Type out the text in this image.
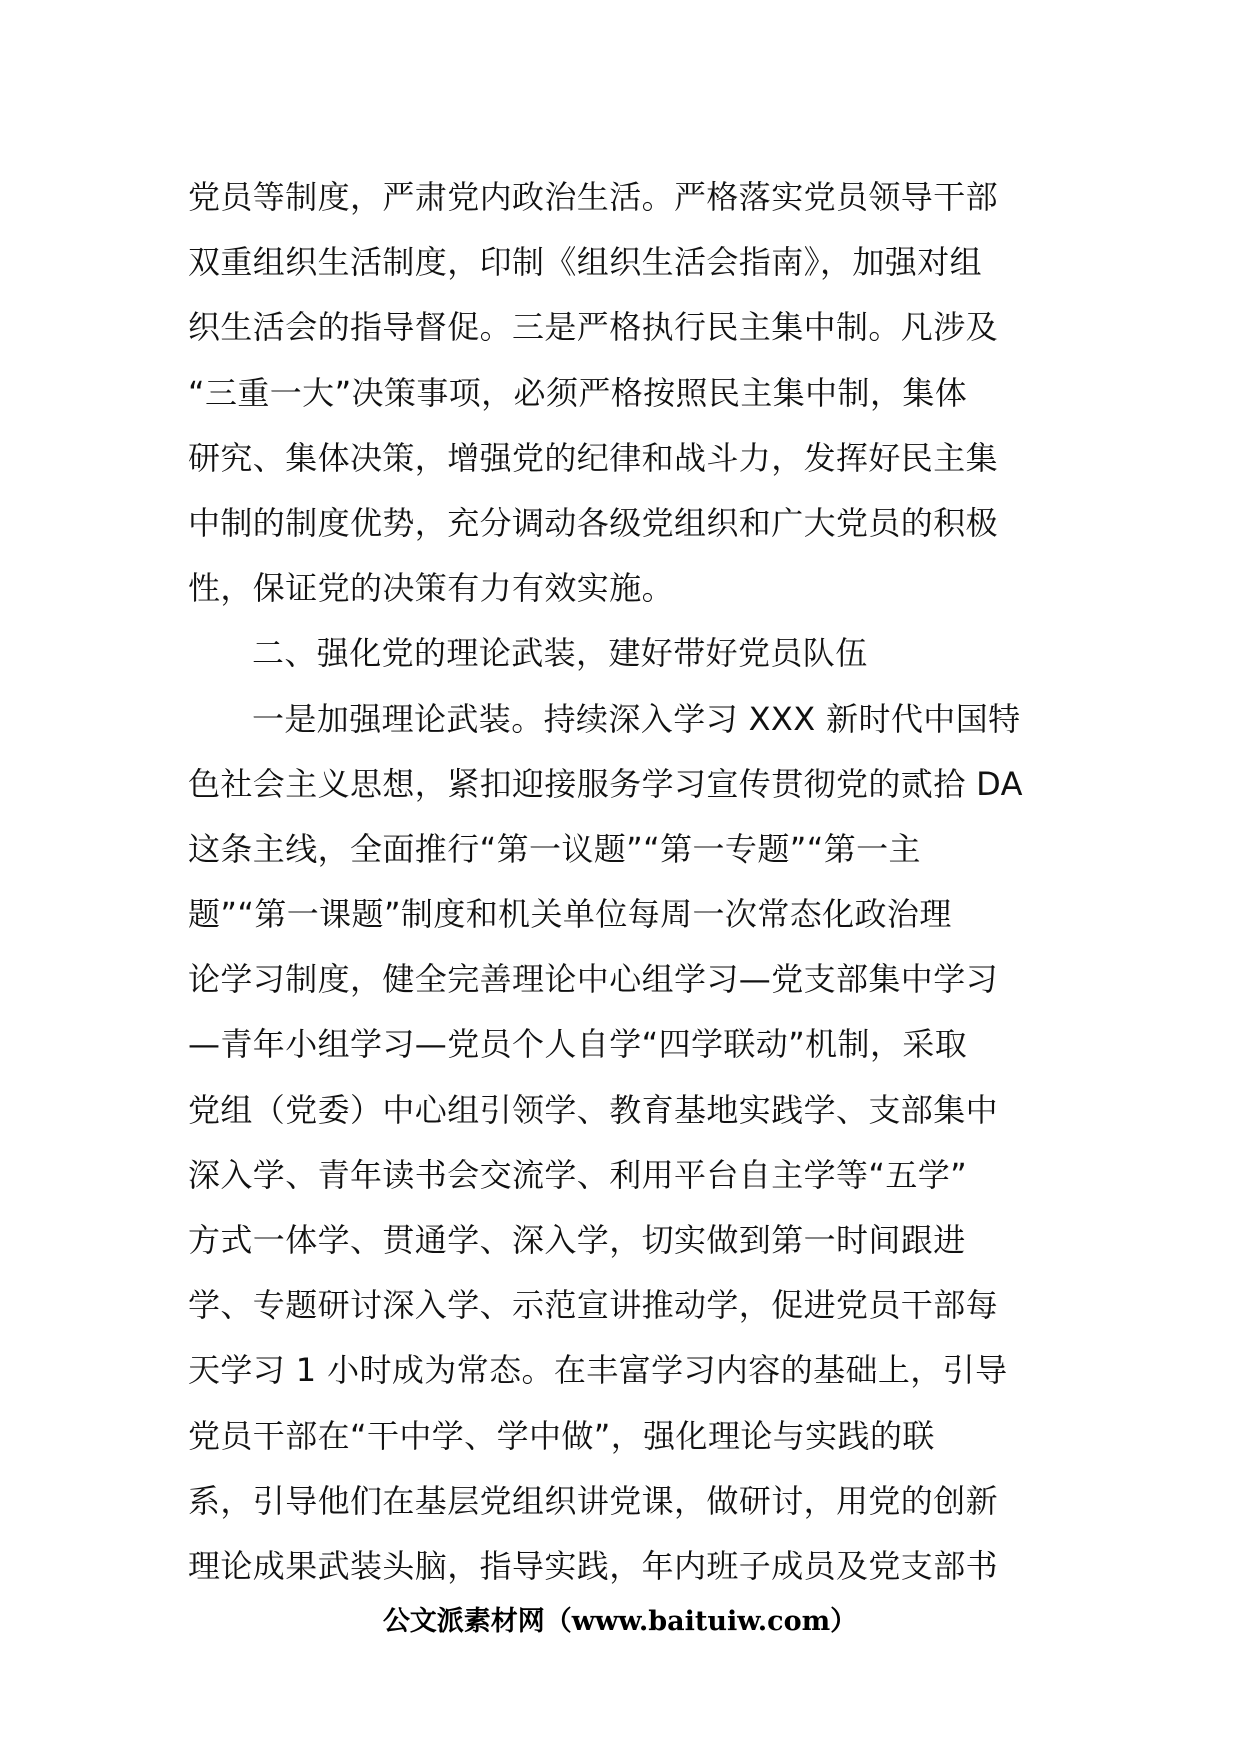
党员等制度，严肃党内政治生活。严格落实党员领导干部
双重组织生活制度，印制《组织生活会指南》，加强对组
织生活会的指导督促。三是严格执行民主集中制。凡涉及
“三重一大”决策事项，必须严格按照民主集中制，集体
研究、集体决策，增强党的纪律和战斗力，发挥好民主集
中制的制度优势，充分调动各级党组织和广大党员的积极
性，保证党的决策有力有效实施。
二、强化党的理论武装，建好带好党员队伍
一是加强理论武装。持续深入学习 XXX 新时代中国特
色社会主义思想，紧扣迎接服务学习宣传贯彻党的贰拾 DA
这条主线，全面推行“第一议题”“第一专题”“第一主
题”“第一课题”制度和机关单位每周一次常态化政治理
论学习制度，健全完善理论中心组学习—党支部集中学习
—青年小组学习—党员个人自学“四学联动”机制，采取
党组（党委）中心组引领学、教育基地实践学、支部集中
深入学、青年读书会交流学、利用平台自主学等“五学”
方式一体学、贯通学、深入学，切实做到第一时间跟进
学、专题研讨深入学、示范宣讲推动学，促进党员干部每
天学习 1 小时成为常态。在丰富学习内容的基础上，引导
党员干部在“干中学、学中做”，强化理论与实践的联
系，引导他们在基层党组织讲党课，做研讨，用党的创新
理论成果武装头脑，指导实践，年内班子成员及党支部书
公文派素材网（www.baituiw.com）
